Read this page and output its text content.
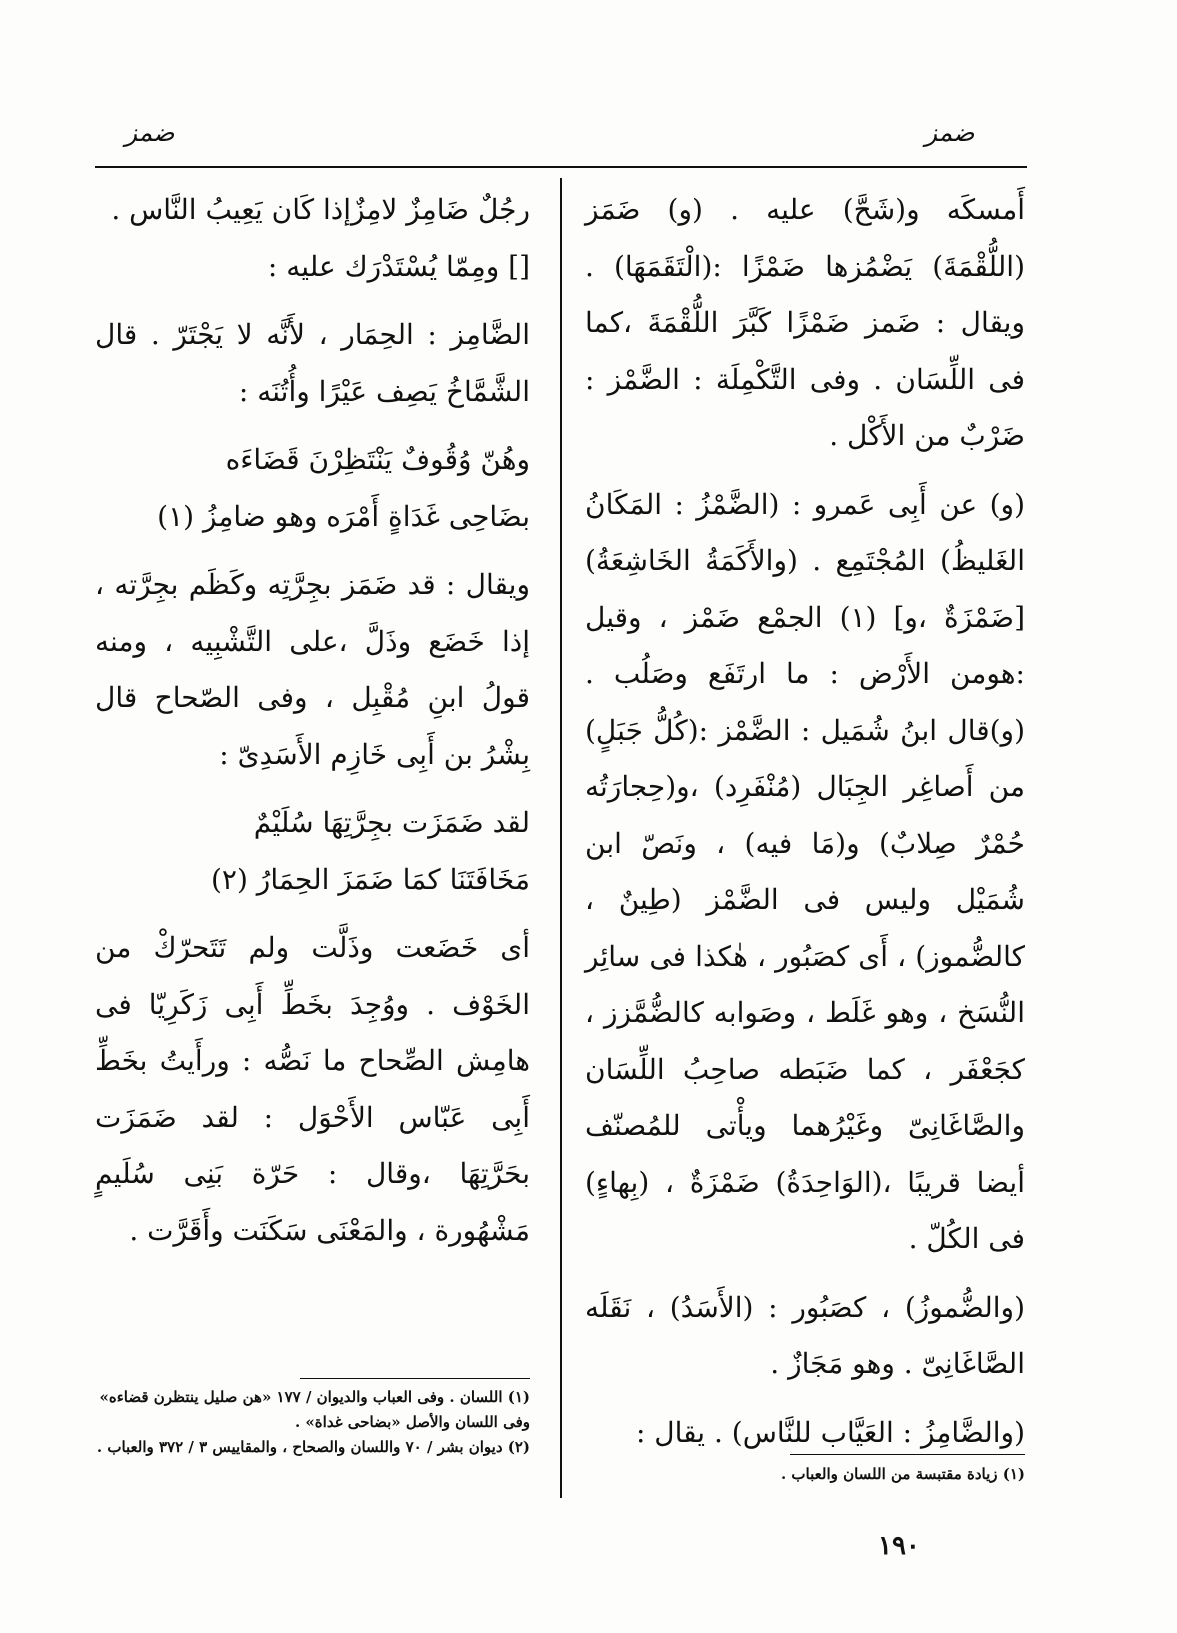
ضمز	ضمز

أَمسكَه و(شَحَّ) عليه . (و) ضَمَز (اللُّقْمَةَ) يَضْمُزها ضَمْزًا :(الْتَقَمَهَا) . ويقال : ضَمز ضَمْزًا كَبَّرَ اللُّقْمَةَ ،كما فى اللِّسَان . وفى التَّكْمِلَة : الضَّمْز : ضَرْبٌ من الأَكْل .

(و) عن أَبِى عَمرو : (الضَّمْزُ : المَكَانُ الغَليظُ) المُجْتَمِع . (والأَكَمَةُ الخَاشِعَةُ)[ضَمْزَةٌ ،و] (١) الجمْع ضَمْز ، وقيل :هومن الأَرْض : ما ارتَفَع وصَلُب . (و)قال ابنُ شُمَيل : الضَّمْز :(كُلُّ جَبَلٍ) من أَصاغِر الجِبَال (مُنْفَرِد) ،و(حِجارَتُه حُمْرٌ صِلابٌ) و(مَا فيه) ، ونَصّ ابن شُمَيْل وليس فى الضَّمْز (طِينٌ ، كالضُّموز) ، أَى كصَبُور ، هٰكذا فى سائِر النُّسَخ ، وهو غَلَط ، وصَوابه كالضُّمَّزز ، كجَعْفَر ، كما ضَبَطه صاحِبُ اللِّسَان والصَّاغَانِىّ وغَيْرُهما ويأْتى للمُصنّف أيضا قريبًا ،(الوَاحِدَةُ) ضَمْزَةٌ ، (بِهاءٍ) فى الكُلّ .

(والضُّموزُ) ، كصَبُور : (الأَسَدُ) ، نَقَلَه الصَّاغَانِىّ . وهو مَجَازٌ .

(والضَّامِزُ : العَيَّاب للنَّاس) . يقال :

رجُلٌ ضَامِزٌ لامِزٌإذا كَان يَعِيبُ النَّاس .

[] ومِمّا يُسْتَدْرَك عليه :

الضَّامِز : الحِمَار ، لأَنَّه لا يَجْتَرّ . قال الشَّمَّاخُ يَصِف عَيْرًا وأُتُنَه :

وهُنّ وُقُوفٌ يَنْتَظِرْنَ قَضَاءَه

بضَاحِى غَدَاةٍ أَمْرَه وهو ضامِزُ (١)

ويقال : قد ضَمَز بجِرَّتِه وكَظَم بجِرَّته ، إذا خَضَع وذَلَّ ،على التَّشْبِيه ، ومنه قولُ ابنِ مُقْبِل ، وفى الصّحاح قال بِشْرُ بن أَبِى خَازِم الأَسَدِىّ :

لقد ضَمَزَت بجِرَّتِهَا سُلَيْمٌ

مَخَافَتَنَا كمَا ضَمَزَ الحِمَارُ (٢)

أى خَضَعت وذَلَّت ولم تَتَحرّكْ من الخَوْف . ووُجِدَ بخَطِّ أَبِى زَكَرِيّا فى هامِش الصِّحاح ما نَصُّه : ورأَيتُ بخَطِّ أَبِى عَبّاس الأَحْوَل : لقد ضَمَزَت بحَرَّتِهَا ،وقال : حَرّة بَنِى سُلَيمٍ مَشْهُورة ، والمَعْنَى سَكَنَت وأَقَرَّت .

(١) اللسان . وفى العباب والديوان / ١٧٧ «هن صليل ينتظرن قضاءه» وفى اللسان والأصل «بضاحى غداة» .

(٢) ديوان بشر / ٧٠ واللسان والصحاح ، والمقاييس ٣ / ٣٧٢ والعباب .

(١) زيادة مقتبسة من اللسان والعباب .

١٩٠
